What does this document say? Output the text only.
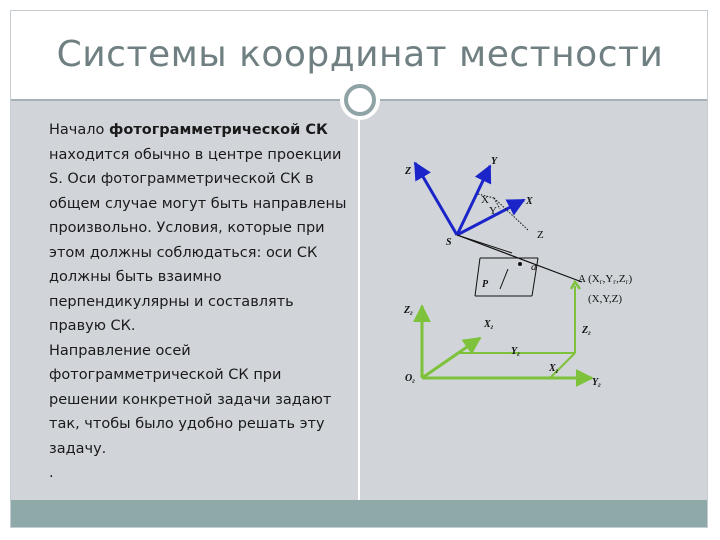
Системы координат местности

Начало фотограмметрической СК находится обычно в центре проекции S. Оси фотограмметрической СК в общем случае могут быть направлены произвольно. Условия, которые при этом должны соблюдаться: оси СК должны быть взаимно перпендикулярны и составлять правую СК.

Направление осей фотограмметрической СК при решении конкретной задачи задают так, чтобы было удобно решать эту задачу.

.

Z
Y
X
X
Y
Z
S
a
P	A (Xг,Yг,Zг)
(X,Y,Z)
$Z_г$
$X_г$
$O_г$
$Y_г$
$Z_г$
$X_г$
$Y_г$
